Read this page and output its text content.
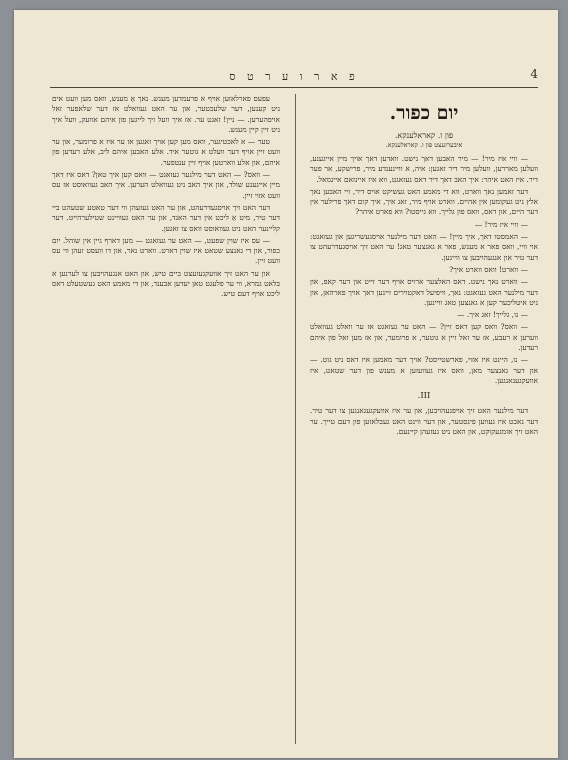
פ א ר ו ע ר ט ס	4
יום כפור.

פון ו. קאראלענקא.

איבערזעצט פון ו. קאראלענקא.

— וויי איז מיר! — מיר האבען דאך נישט. וואדען דאך אויך מיין אייגענע, וועלען מאררען, וועלען מיר דיר זאגען: איה, א וויינענדע מיר, פרישקע, אר פער דיר. איז האט איהר: איך האב דאך דיר דאס געזאגט, ווא איז איינזאם איינמאל.

דער זאמען נאך ווארט, ווא די מאמע האט געשיקט אויס דיר, זיי האבען נאך אלץ ניט געקומען אין אהיים. ווארט אויף מיר, זאג איך, איך קום דאך פרילער אין דער היים, און דאס, וואס פון גלייך. ווא גייסטו? ווא פארט איהר?

— וויי איז מיר! —

— האמסטו דאך, איך מיין! — האט דער מילנער אויסגעשריגען און געזאגט: אוי וויי, וואס פאר א מענש, פאר א גאנצער טאג! ער האט זיך אויסגעדרעהט צו דער טיר און אנגעהויבען צו וויינען.

— ווארט! וואס ווארט איך?

— ווארט נאך נישט. דאס האלצער ארויס אויף דער זייט און דער קאפ, און דער מילנער האט געזאגט: נאך, וויפיעל דאקטוירים זיינען דאך אויך פארהאן, און ניט איטליכער קען א גאנצען טאג וויינען.

— נו, גלייך! זאג איך. —

— וואס? וואס קען דאס זיין? — האט ער געזאגט אז ער וואלט געוואלט ווערען א רעבע, אז ער זאל זיין א גוטער, א פרומער, און אז מען זאל פון איהם רעדען.

— נו, היינט איז אזוי, פארשטייסט? אויך דער מאמען איז דאס ניט גוט. — און דער גאנצער מאן, וואס איז געוועזען א מענש פון דער שטאט, איז אוועקגעגאנגען.

III.

דער מילנער האט זיך אויפגעהויבען, און ער איז אוועקגעגאנגען צו דער טיר. דער נאכט איז געווען פינסטער, און דער ווינט האט געבלאזען פון דעם טייך. ער האט זיך אומגעקוקט, און האט ניט געזעהן קיינעם.

עפעס פארלאזען אויף א פרעמדען מענש. נאך אַ מענש, וואס מען וועט אים ניט קענען, דער שלעכטער, און ער האט געוואלט אז דער שלאפער זאל אויפהערען. — ניין! זאגט ער. אז איך וועל זיך לייגען פון איהם אוועק, וועל איך ניט זיין קיין מענש.

טער — א לאכטיגער, וואס מען קען אויך זאגען אז ער איז א פרומער, און ער וועט זיין אויף דער וועלט א גוטער איד. אלע האבען איהם ליב, אלע רעדען פון איהם, און אלע ווארטען אויף זיין ענטפער.

— וואס? — האט דער מילנער געזאגט — וואס קען איך טאן? דאס איז דאך מיין אייגענע שולד, און איך האב ניט געוואלט הערען. איך האב געוואוסט אז עס וועט אזוי זיין.

דער האט זיך אויסגעדרעהט, און ער האט געזעהן ווי דער טאטע שטעהט ביי דער טיר, מיט אַ ליכט אין דער האנד, און ער האט געוויינט שטילערהייט. דער קליינער האט ניט געוואוסט וואס צו זאגען.

— עס איז שוין שפעט, — האט ער געזאגט — מען דארף גיין אין שוהל. יום כפור, און די גאנצע שטאט איז שוין דארט. ווארט נאר, און דו וועסט זעהן ווי עס וועט זיין.

און ער האט זיך אוועקגעזעצט ביים טיש, און האט אנגעהויבען צו לערנען א בלאט גמרא, ווי ער פלעגט טאן יעדען אבענד, און די מאמע האט געשטעלט דאס ליכט אויף דעם טיש.
